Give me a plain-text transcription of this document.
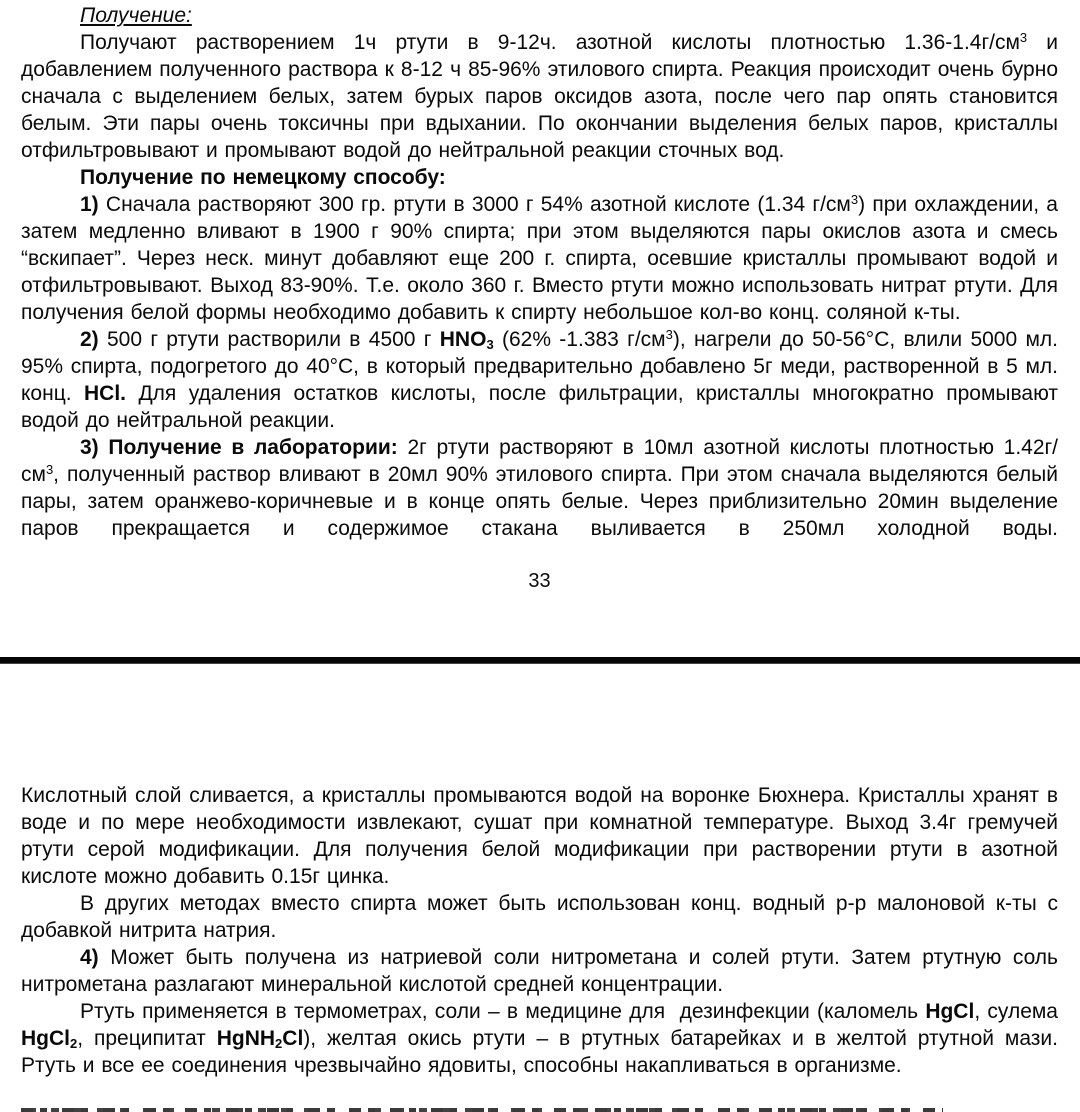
Получение:

Получают растворением 1ч ртути в 9-12ч. азотной кислоты плотностью $1.36-1.4г/см^3$ и добавлением полученного раствора к 8-12 ч 85-96% этилового спирта. Реакция происходит очень бурно сначала с выделением белых, затем бурых паров оксидов азота, после чего пар опять становится белым. Эти пары очень токсичны при вдыхании. По окончании выделения белых паров, кристаллы отфильтровывают и промывают водой до нейтральной реакции сточных вод.

Получение по немецкому способу:

1) Сначала растворяют 300 гр. ртути в 3000 г 54% азотной кислоте (1.34 $г/см^3$) при охлаждении, а затем медленно вливают в 1900 г 90% спирта; при этом выделяются пары окислов азота и смесь “вскипает”. Через неск. минут добавляют еще 200 г. спирта, осевшие кристаллы промывают водой и отфильтровывают. Выход 83-90%. Т.е. около 360 г. Вместо ртути можно использовать нитрат ртути. Для получения белой формы необходимо добавить к спирту небольшое кол-во конц. соляной к-ты.

2) 500 г ртути растворили в 4500 г $HNO_3$ (62% -1.383 $г/см^3$), нагрели до 50-56°С, влили 5000 мл. 95% спирта, подогретого до 40°С, в который предварительно добавлено 5г меди, растворенной в 5 мл. конц. HCl. Для удаления остатков кислоты, после фильтрации, кристаллы многократно промывают водой до нейтральной реакции.

3) Получение в лаборатории: 2г ртути растворяют в 10мл азотной кислоты плотностью $1.42г/см^3$, полученный раствор вливают в 20мл 90% этилового спирта. При этом сначала выделяются белый пары, затем оранжево-коричневые и в конце опять белые. Через приблизительно 20мин выделение паров прекращается и содержимое стакана выливается в 250мл холодной воды.

33

Кислотный слой сливается, а кристаллы промываются водой на воронке Бюхнера. Кристаллы хранят в воде и по мере необходимости извлекают, сушат при комнатной температуре. Выход 3.4г гремучей ртути серой модификации. Для получения белой модификации при растворении ртути в азотной кислоте можно добавить 0.15г цинка.

В других методах вместо спирта может быть использован конц. водный р-р малоновой к-ты с добавкой нитрита натрия.

4) Может быть получена из натриевой соли нитрометана и солей ртути. Затем ртутную соль нитрометана разлагают минеральной кислотой средней концентрации.

Ртуть применяется в термометрах, соли – в медицине для  дезинфекции (каломель HgCl, сулема HgCl$_2$, преципитат HgNH$_2$Cl), желтая окись ртути – в ртутных батарейках и в желтой ртутной мази. Ртуть и все ее соединения чрезвычайно ядовиты, способны накапливаться в организме.
